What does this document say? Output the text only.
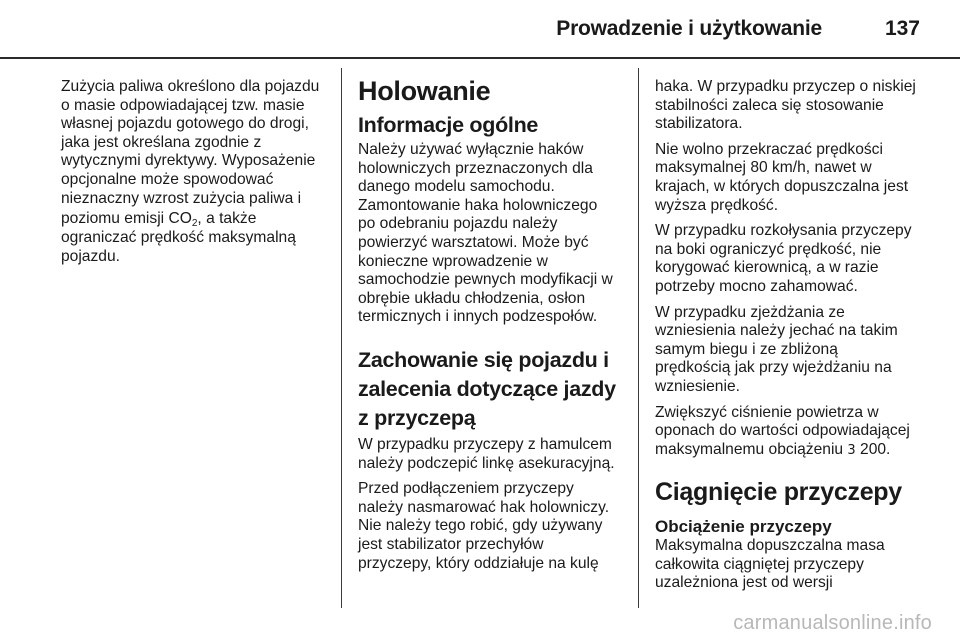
Prowadzenie i użytkowanie	137
Zużycia paliwa określono dla pojazdu
o masie odpowiadającej tzw. masie
własnej pojazdu gotowego do drogi,
jaka jest określana zgodnie z
wytycznymi dyrektywy. Wyposażenie
opcjonalne może spowodować
nieznaczny wzrost zużycia paliwa i
poziomu emisji $CO_2$, a także
ograniczać prędkość maksymalną
pojazdu.
Holowanie
Informacje ogólne
Należy używać wyłącznie haków
holowniczych przeznaczonych dla
danego modelu samochodu.
Zamontowanie haka holowniczego
po odebraniu pojazdu należy
powierzyć warsztatowi. Może być
konieczne wprowadzenie w
samochodzie pewnych modyfikacji w
obrębie układu chłodzenia, osłon
termicznych i innych podzespołów.
Zachowanie się pojazdu i
zalecenia dotyczące jazdy
z przyczepą
W przypadku przyczepy z hamulcem
należy podczepić linkę asekuracyjną.
Przed podłączeniem przyczepy
należy nasmarować hak holowniczy.
Nie należy tego robić, gdy używany
jest stabilizator przechyłów
przyczepy, który oddziałuje na kulę
haka. W przypadku przyczep o niskiej
stabilności zaleca się stosowanie
stabilizatora.
Nie wolno przekraczać prędkości
maksymalnej 80 km/h, nawet w
krajach, w których dopuszczalna jest
wyższa prędkość.
W przypadku rozkołysania przyczepy
na boki ograniczyć prędkość, nie
korygować kierownicą, a w razie
potrzeby mocno zahamować.
W przypadku zjeżdżania ze
wzniesienia należy jechać na takim
samym biegu i ze zbliżoną
prędkością jak przy wjeżdżaniu na
wzniesienie.
Zwiększyć ciśnienie powietrza w
oponach do wartości odpowiadającej
maksymalnemu obciążeniu 3 200.
Ciągnięcie przyczepy
Obciążenie przyczepy
Maksymalna dopuszczalna masa
całkowita ciągniętej przyczepy
uzależniona jest od wersji
carmanualsonline.info
